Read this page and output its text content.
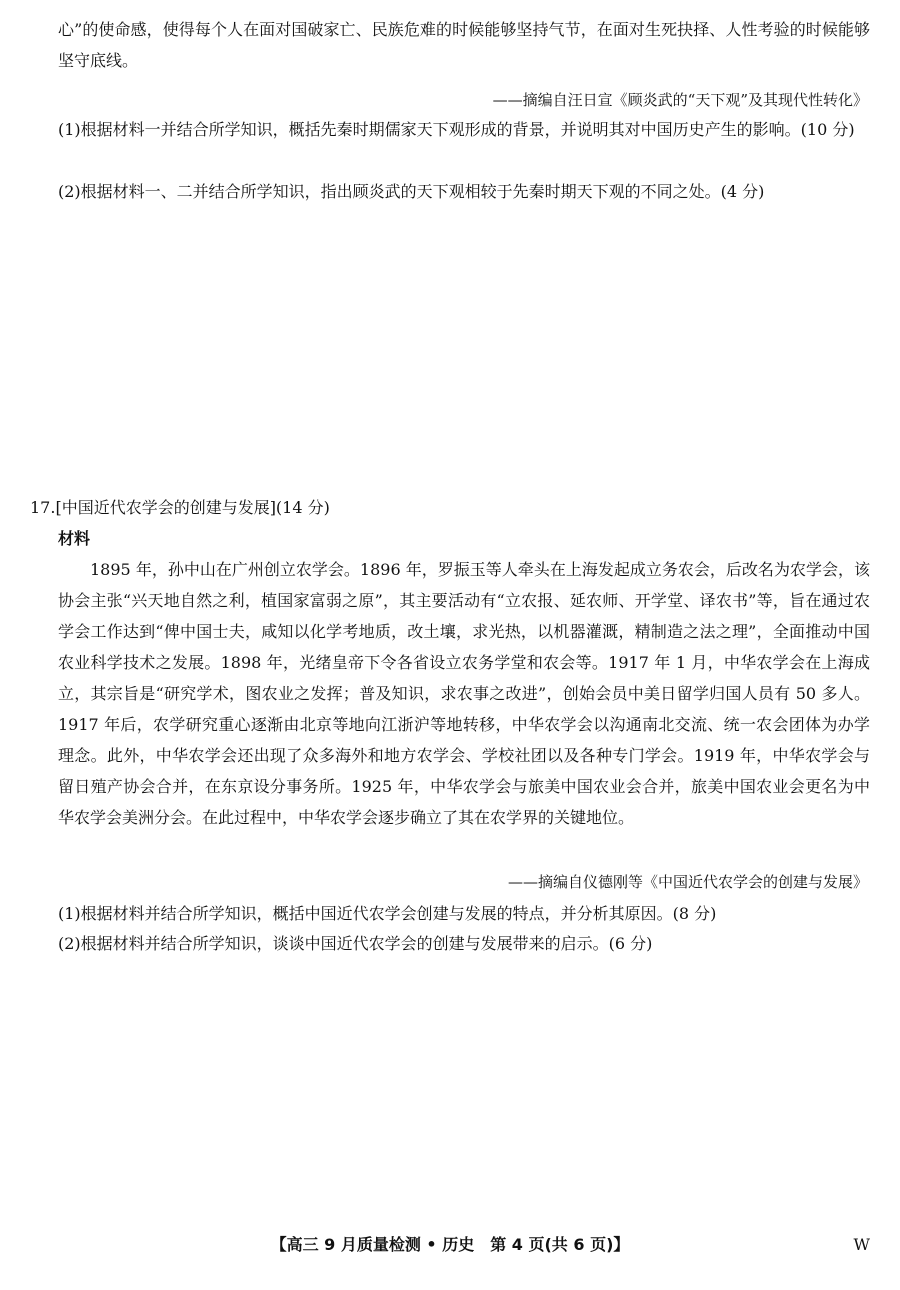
心”的使命感，使得每个人在面对国破家亡、民族危难的时候能够坚持气节，在面对生死抉择、人性考验的时候能够坚守底线。

——摘编自汪日宣《顾炎武的“天下观”及其现代性转化》

(1)根据材料一并结合所学知识，概括先秦时期儒家天下观形成的背景，并说明其对中国历史产生的影响。(10 分)

(2)根据材料一、二并结合所学知识，指出顾炎武的天下观相较于先秦时期天下观的不同之处。(4 分)

17.[中国近代农学会的创建与发展](14 分)

材料

1895 年，孙中山在广州创立农学会。1896 年，罗振玉等人牵头在上海发起成立务农会，后改名为农学会，该协会主张“兴天地自然之利，植国家富弱之原”，其主要活动有“立农报、延农师、开学堂、译农书”等，旨在通过农学会工作达到“俾中国士夫，咸知以化学考地质，改土壤，求光热，以机器灌溉，精制造之法之理”，全面推动中国农业科学技术之发展。1898 年，光绪皇帝下令各省设立农务学堂和农会等。1917 年 1 月，中华农学会在上海成立，其宗旨是“研究学术，图农业之发挥；普及知识，求农事之改进”，创始会员中美日留学归国人员有 50 多人。1917 年后，农学研究重心逐渐由北京等地向江浙沪等地转移，中华农学会以沟通南北交流、统一农会团体为办学理念。此外，中华农学会还出现了众多海外和地方农学会、学校社团以及各种专门学会。1919 年，中华农学会与留日殖产协会合并，在东京设分事务所。1925 年，中华农学会与旅美中国农业会合并，旅美中国农业会更名为中华农学会美洲分会。在此过程中，中华农学会逐步确立了其在农学界的关键地位。

——摘编自仪德刚等《中国近代农学会的创建与发展》

(1)根据材料并结合所学知识，概括中国近代农学会创建与发展的特点，并分析其原因。(8 分)

(2)根据材料并结合所学知识，谈谈中国近代农学会的创建与发展带来的启示。(6 分)

【高三 9 月质量检测 • 历史　第 4 页(共 6 页)】	W
